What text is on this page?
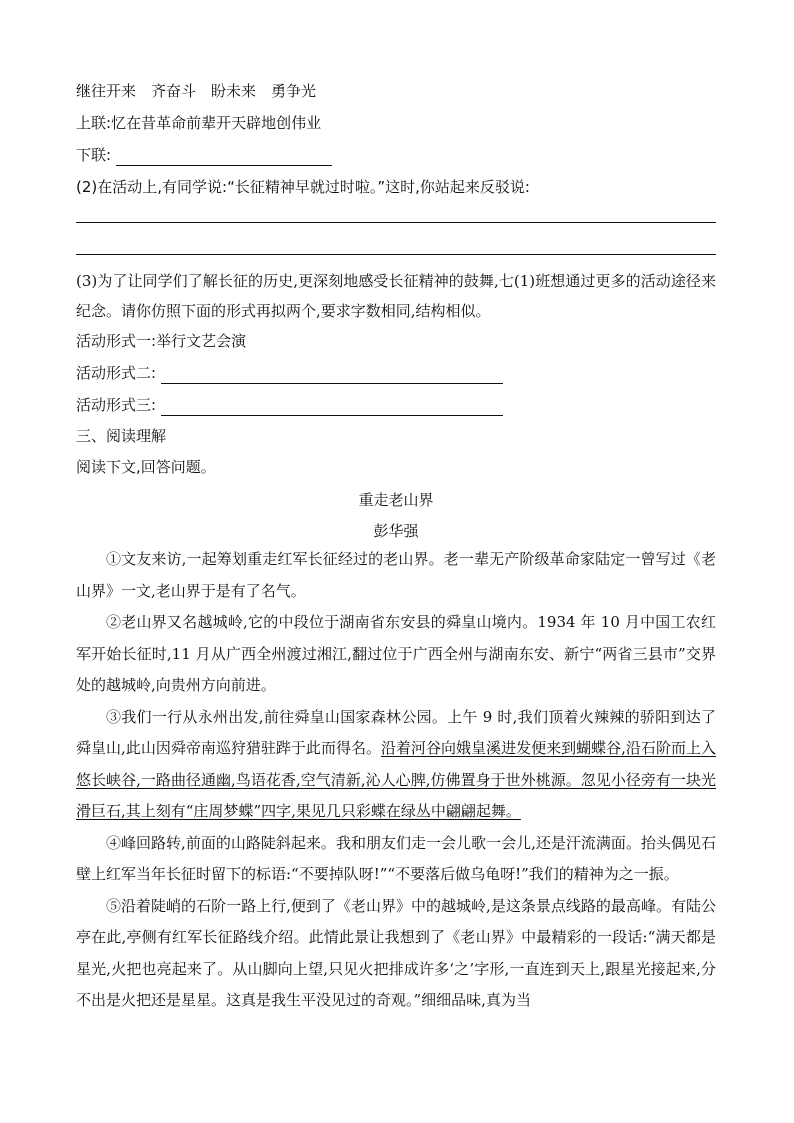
继往开来　齐奋斗　盼未来　勇争光
上联:忆在昔革命前辈开天辟地创伟业
下联:
(2)在活动上,有同学说:“长征精神早就过时啦。”这时,你站起来反驳说:

(3)为了让同学们了解长征的历史,更深刻地感受长征精神的鼓舞,七(1)班想通过更多的活动途径来纪念。请你仿照下面的形式再拟两个,要求字数相同,结构相似。

活动形式一:举行文艺会演
活动形式二:
活动形式三:
三、阅读理解
阅读下文,回答问题。
重走老山界
彭华强

①文友来访,一起筹划重走红军长征经过的老山界。老一辈无产阶级革命家陆定一曾写过《老山界》一文,老山界于是有了名气。

②老山界又名越城岭,它的中段位于湖南省东安县的舜皇山境内。1934 年 10 月中国工农红军开始长征时,11 月从广西全州渡过湘江,翻过位于广西全州与湖南东安、新宁“两省三县市”交界处的越城岭,向贵州方向前进。

③我们一行从永州出发,前往舜皇山国家森林公园。上午 9 时,我们顶着火辣辣的骄阳到达了舜皇山,此山因舜帝南巡狩猎驻跸于此而得名。沿着河谷向娥皇溪进发便来到蝴蝶谷,沿石阶而上入悠长峡谷,一路曲径通幽,鸟语花香,空气清新,沁人心脾,仿佛置身于世外桃源。忽见小径旁有一块光滑巨石,其上刻有“庄周梦蝶”四字,果见几只彩蝶在绿丛中翩翩起舞。

④峰回路转,前面的山路陡斜起来。我和朋友们走一会儿歌一会儿,还是汗流满面。抬头偶见石壁上红军当年长征时留下的标语:“不要掉队呀!”“不要落后做乌龟呀!”我们的精神为之一振。

⑤沿着陡峭的石阶一路上行,便到了《老山界》中的越城岭,是这条景点线路的最高峰。有陆公亭在此,亭侧有红军长征路线介绍。此情此景让我想到了《老山界》中最精彩的一段话:“满天都是星光,火把也亮起来了。从山脚向上望,只见火把排成许多‘之’字形,一直连到天上,跟星光接起来,分不出是火把还是星星。这真是我生平没见过的奇观。”细细品味,真为当
